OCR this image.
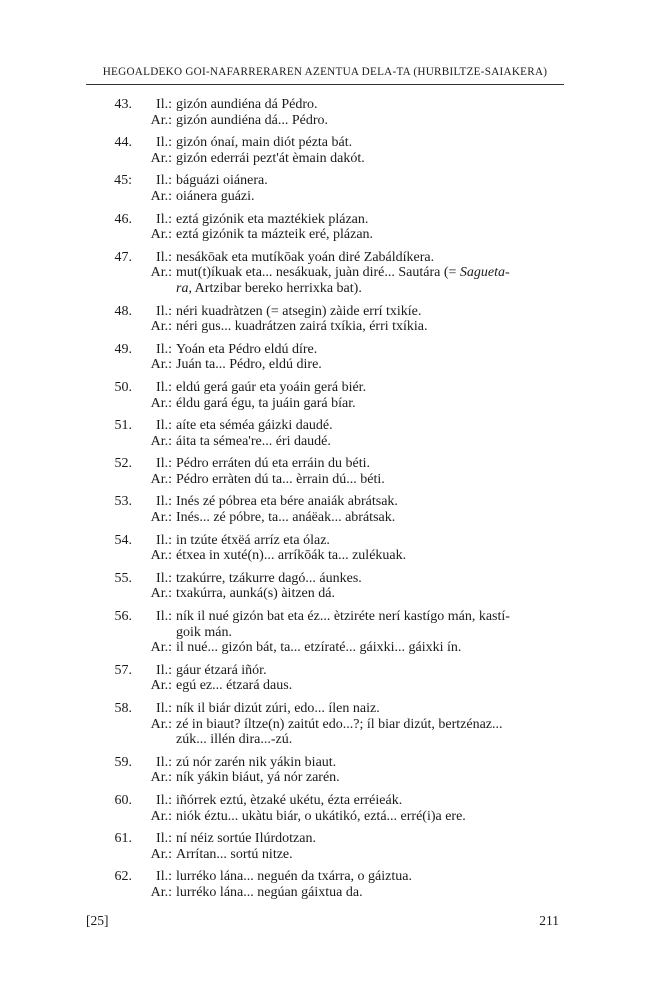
HEGOALDEKO GOI-NAFARRERAREN AZENTUA DELA-TA (HURBILTZE-SAIAKERA)
43. Il.: gizón aundiéna dá Pédro.
Ar.: gizón aundiéna dá... Pédro.
44. Il.: gizón ónaí, main diót pézta bát.
Ar.: gizón ederrái pezt'át èmain dakót.
45: Il.: báguázi oiánera.
Ar.: oiánera guázi.
46. Il.: eztá gizónik eta maztékiek plázan.
Ar.: eztá gizónik ta mázteik eré, plázan.
47. Il.: nesákōak eta mutíkōak yoán diré Zabáldíkera.
Ar.: mut(t)íkuak eta... nesákuak, juàn diré... Sautára (= Sagueta-
ra, Artzibar bereko herrixka bat).
48. Il.: néri kuadràtzen (= atsegin) zàide errí txikíe.
Ar.: néri gus... kuadrátzen zairá txíkia, érri txíkia.
49. Il.: Yoán eta Pédro eldú díre.
Ar.: Juán ta... Pédro, eldú dire.
50. Il.: eldú gerá gaúr eta yoáin gerá biér.
Ar.: éldu gará égu, ta juáin gará bíar.
51. Il.: aíte eta séméa gáizki daudé.
Ar.: áita ta sémea're... éri daudé.
52. Il.: Pédro erráten dú eta erráin du béti.
Ar.: Pédro erràten dú ta... èrrain dú... béti.
53. Il.: Inés zé póbrea eta bére anaiák abrátsak.
Ar.: Inés... zé póbre, ta... anáëak... abrátsak.
54. Il.: in tzúte étxëá arríz eta ólaz.
Ar.: étxea in xuté(n)... arríkōák ta... zulékuak.
55. Il.: tzakúrre, tzákurre dagó... áunkes.
Ar.: txakúrra, aunká(s) àitzen dá.
56. Il.: ník il nué gizón bat eta éz... ètziréte nerí kastígo mán, kastí-
goik mán.
Ar.: il nué... gizón bát, ta... etzíraté... gáixki... gáixki ín.
57. Il.: gáur étzará iñór.
Ar.: egú ez... étzará daus.
58. Il.: ník il biár dizút zúri, edo... ílen naiz.
Ar.: zé in biaut? íltze(n) zaitút edo...?; íl biar dizút, bertzénaz...
zúk... illén dira...-zú.
59. Il.: zú nór zarén nik yákin biaut.
Ar.: ník yákin biáut, yá nór zarén.
60. Il.: iñórrek eztú, ètzaké ukétu, ézta erréieák.
Ar.: niók éztu... ukàtu biár, o ukátikó, eztá... erré(i)a ere.
61. Il.: ní néiz sortúe Ilúrdotzan.
Ar.: Arrítan... sortú nitze.
62. Il.: lurréko lána... neguén da txárra, o gáiztua.
Ar.: lurréko lána... negúan gáixtua da.
[25]	211
